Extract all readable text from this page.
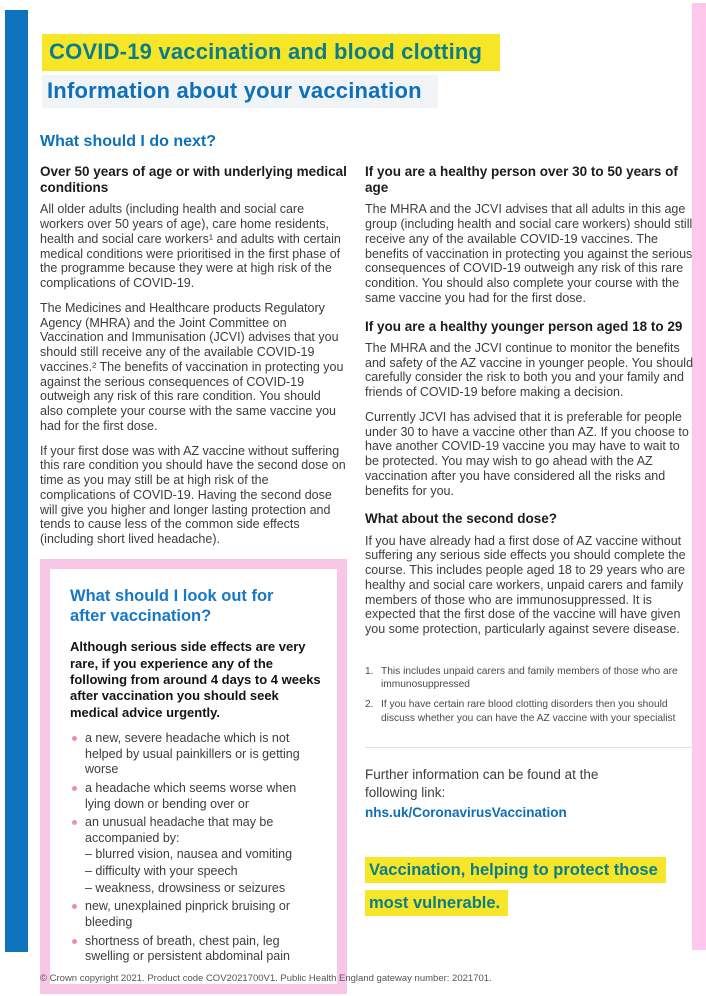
COVID-19 vaccination and blood clotting
Information about your vaccination
What should I do next?
Over 50 years of age or with underlying medical conditions

All older adults (including health and social care workers over 50 years of age), care home residents, health and social care workers¹ and adults with certain medical conditions were prioritised in the first phase of the programme because they were at high risk of the complications of COVID-19.

The Medicines and Healthcare products Regulatory Agency (MHRA) and the Joint Committee on Vaccination and Immunisation (JCVI) advises that you should still receive any of the available COVID-19 vaccines.² The benefits of vaccination in protecting you against the serious consequences of COVID-19 outweigh any risk of this rare condition. You should also complete your course with the same vaccine you had for the first dose.

If your first dose was with AZ vaccine without suffering this rare condition you should have the second dose on time as you may still be at high risk of the complications of COVID-19. Having the second dose will give you higher and longer lasting protection and tends to cause less of the common side effects (including short lived headache).

What should I look out for after vaccination?

Although serious side effects are very rare, if you experience any of the following from around 4 days to 4 weeks after vaccination you should seek medical advice urgently.

a new, severe headache which is not helped by usual painkillers or is getting worse
a headache which seems worse when lying down or bending over or
an unusual headache that may be accompanied by:
– blurred vision, nausea and vomiting
– difficulty with your speech
– weakness, drowsiness or seizures
new, unexplained pinprick bruising or bleeding
shortness of breath, chest pain, leg swelling or persistent abdominal pain
If you are a healthy person over 30 to 50 years of age

The MHRA and the JCVI advises that all adults in this age group (including health and social care workers) should still receive any of the available COVID-19 vaccines. The benefits of vaccination in protecting you against the serious consequences of COVID-19 outweigh any risk of this rare condition. You should also complete your course with the same vaccine you had for the first dose.

If you are a healthy younger person aged 18 to 29

The MHRA and the JCVI continue to monitor the benefits and safety of the AZ vaccine in younger people. You should carefully consider the risk to both you and your family and friends of COVID-19 before making a decision.

Currently JCVI has advised that it is preferable for people under 30 to have a vaccine other than AZ. If you choose to have another COVID-19 vaccine you may have to wait to be protected. You may wish to go ahead with the AZ vaccination after you have considered all the risks and benefits for you.

What about the second dose?

If you have already had a first dose of AZ vaccine without suffering any serious side effects you should complete the course. This includes people aged 18 to 29 years who are healthy and social care workers, unpaid carers and family members of those who are immunosuppressed. It is expected that the first dose of the vaccine will have given you some protection, particularly against severe disease.

1. This includes unpaid carers and family members of those who are immunosuppressed
2. If you have certain rare blood clotting disorders then you should discuss whether you can have the AZ vaccine with your specialist

Further information can be found at the following link:

nhs.uk/CoronavirusVaccination
Vaccination, helping to protect those most vulnerable.
© Crown copyright 2021. Product code COV2021700V1. Public Health England gateway number: 2021701.
